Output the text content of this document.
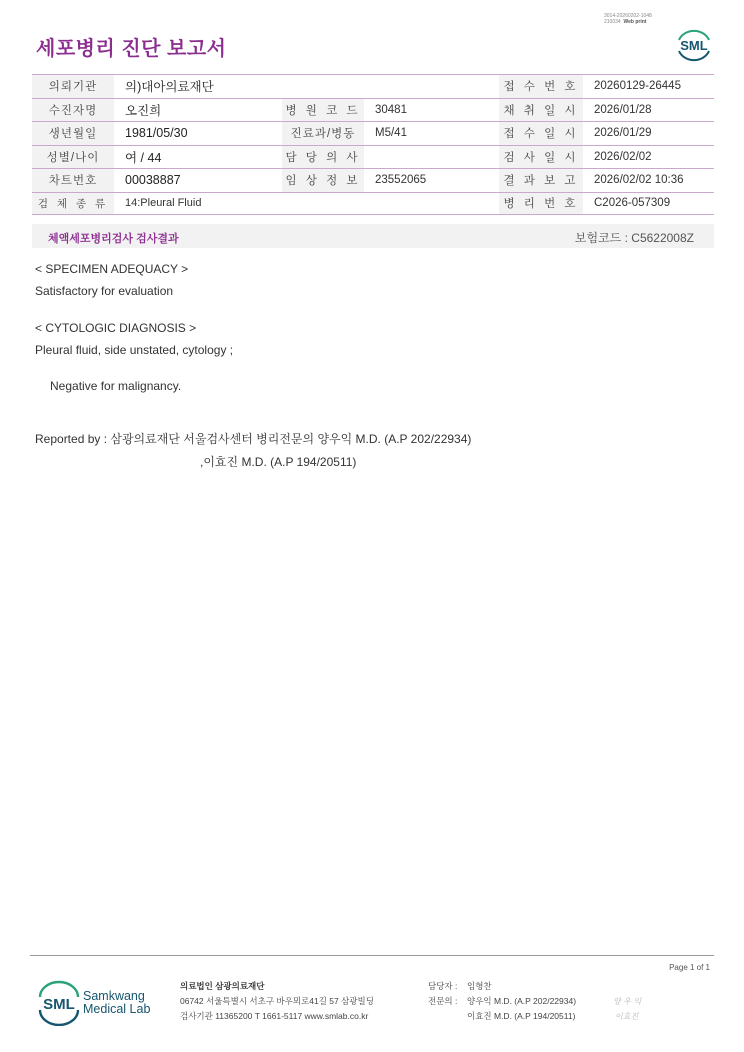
3014-20260202-1048
210034 Web print
세포병리 진단 보고서	SML
의뢰기관	의)대아의료재단			접 수 번 호	20260129-26445
수진자명	오진희	병 원 코 드	30481	채 취 일 시	2026/01/28
생년월일	1981/05/30	진료과/병동	M5/41	접 수 일 시	2026/01/29
성별/나이	여 / 44	담 당 의 사		검 사 일 시	2026/02/02
차트번호	00038887	임 상 정 보	23552065	결 과 보 고	2026/02/02 10:36
검 체 종 류	14:Pleural Fluid			병 리 번 호	C2026-057309
체액세포병리검사 검사결과	보험코드 : C5622008Z
< SPECIMEN ADEQUACY >
Satisfactory for evaluation
< CYTOLOGIC DIAGNOSIS >
Pleural fluid, side unstated, cytology ;
Negative for malignancy.
Reported by : 삼광의료재단 서울검사센터 병리전문의 양우익 M.D. (A.P 202/22934)
,이효진 M.D. (A.P 194/20511)
Page 1 of 1
SML Samkwang
Medical Lab
의료법인 삼광의료재단
06742 서울특별시 서초구 바우뫼로41길 57 삼광빌딩
검사기관 11365200 T 1661-5117 www.smlab.co.kr
담당자 :
전문의 :
임형찬
양우익 M.D. (A.P 202/22934)
이효진 M.D. (A.P 194/20511)
양 우 익
이효진
